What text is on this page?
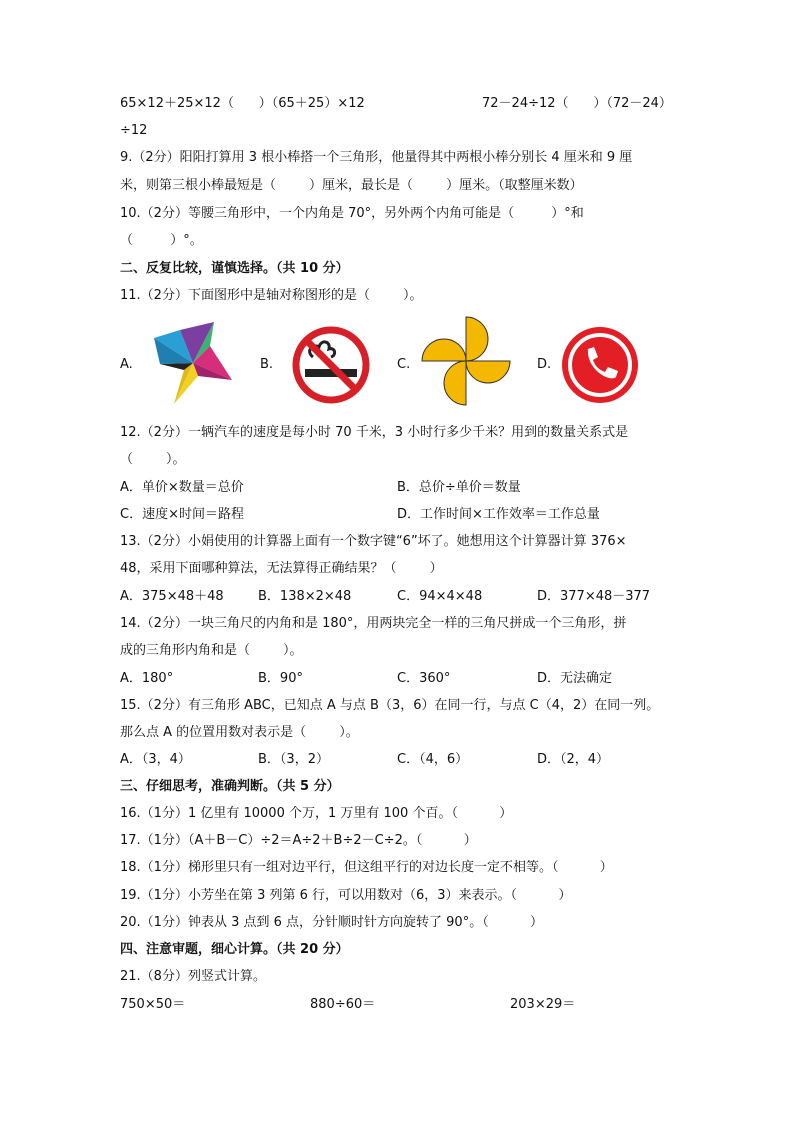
65×12＋25×12（      ）（65＋25）×12	72－24÷12（      ）（72－24）
÷12
9.（2分）阳阳打算用 3 根小棒搭一个三角形，他量得其中两根小棒分别长 4 厘米和 9 厘
米，则第三根小棒最短是（        ）厘米，最长是（        ）厘米。（取整厘米数）
10.（2分）等腰三角形中，一个内角是 70°，另外两个内角可能是（         ）°和
（         ）°。
二、反复比较，谨慎选择。（共 10 分）
11.（2分）下面图形中是轴对称图形的是（        ）。
A.	B.	C.	D.
12.（2分）一辆汽车的速度是每小时 70 千米，3 小时行多少千米？用到的数量关系式是
（        ）。
A．单价×数量＝总价	B．总价÷单价＝数量
C．速度×时间＝路程	D．工作时间×工作效率＝工作总量
13.（2分）小娟使用的计算器上面有一个数字键“6”坏了。她想用这个计算器计算 376×
48，采用下面哪种算法，无法算得正确结果？（        ）
A．375×48＋48	B．138×2×48	C．94×4×48	D．377×48－377
14.（2分）一块三角尺的内角和是 180°，用两块完全一样的三角尺拼成一个三角形，拼
成的三角形内角和是（        ）。
A．180°	B．90°	C．360°	D．无法确定
15.（2分）有三角形 ABC，已知点 A 与点 B（3，6）在同一行，与点 C（4，2）在同一列。
那么点 A 的位置用数对表示是（        ）。
A．（3，4）	B．（3，2）	C．（4，6）	D．（2，4）
三、仔细思考，准确判断。（共 5 分）
16.（1分）1 亿里有 10000 个万，1 万里有 100 个百。（          ）
17.（1分）（A＋B－C）÷2＝A÷2＋B÷2－C÷2。（          ）
18.（1分）梯形里只有一组对边平行，但这组平行的对边长度一定不相等。（          ）
19.（1分）小芳坐在第 3 列第 6 行，可以用数对（6，3）来表示。（          ）
20.（1分）钟表从 3 点到 6 点，分针顺时针方向旋转了 90°。（          ）
四、注意审题，细心计算。（共 20 分）
21.（8分）列竖式计算。
750×50＝	880÷60＝	203×29＝
